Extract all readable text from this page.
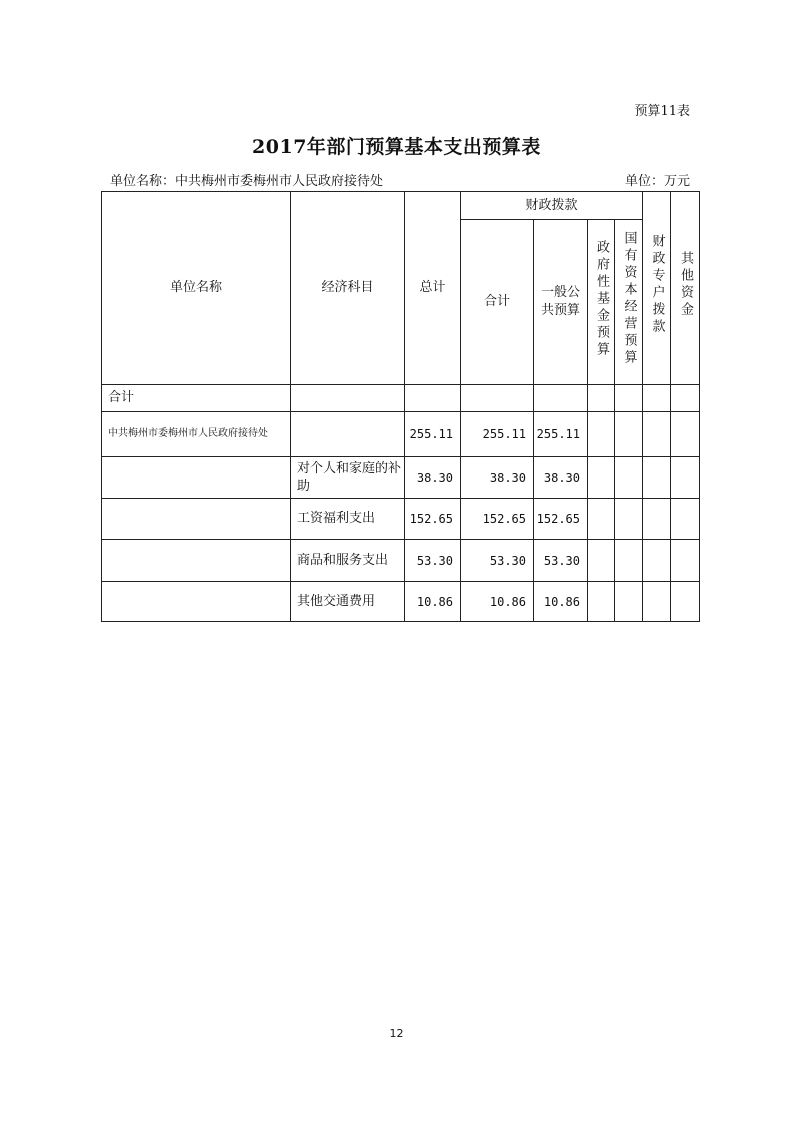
预算11表
2017年部门预算基本支出预算表
单位名称：中共梅州市委梅州市人民政府接待处	单位：万元
单位名称	经济科目	总计	财政拨款				财政专户拨款	其他资金
			合计	一般公共预算	政府性基金预算	国有资本经营预算		
合计								
中共梅州市委梅州市人民政府接待处		255.11	255.11	255.11				
	对个人和家庭的补助	38.30	38.30	38.30				
	工资福利支出	152.65	152.65	152.65				
	商品和服务支出	53.30	53.30	53.30				
	其他交通费用	10.86	10.86	10.86				
12
